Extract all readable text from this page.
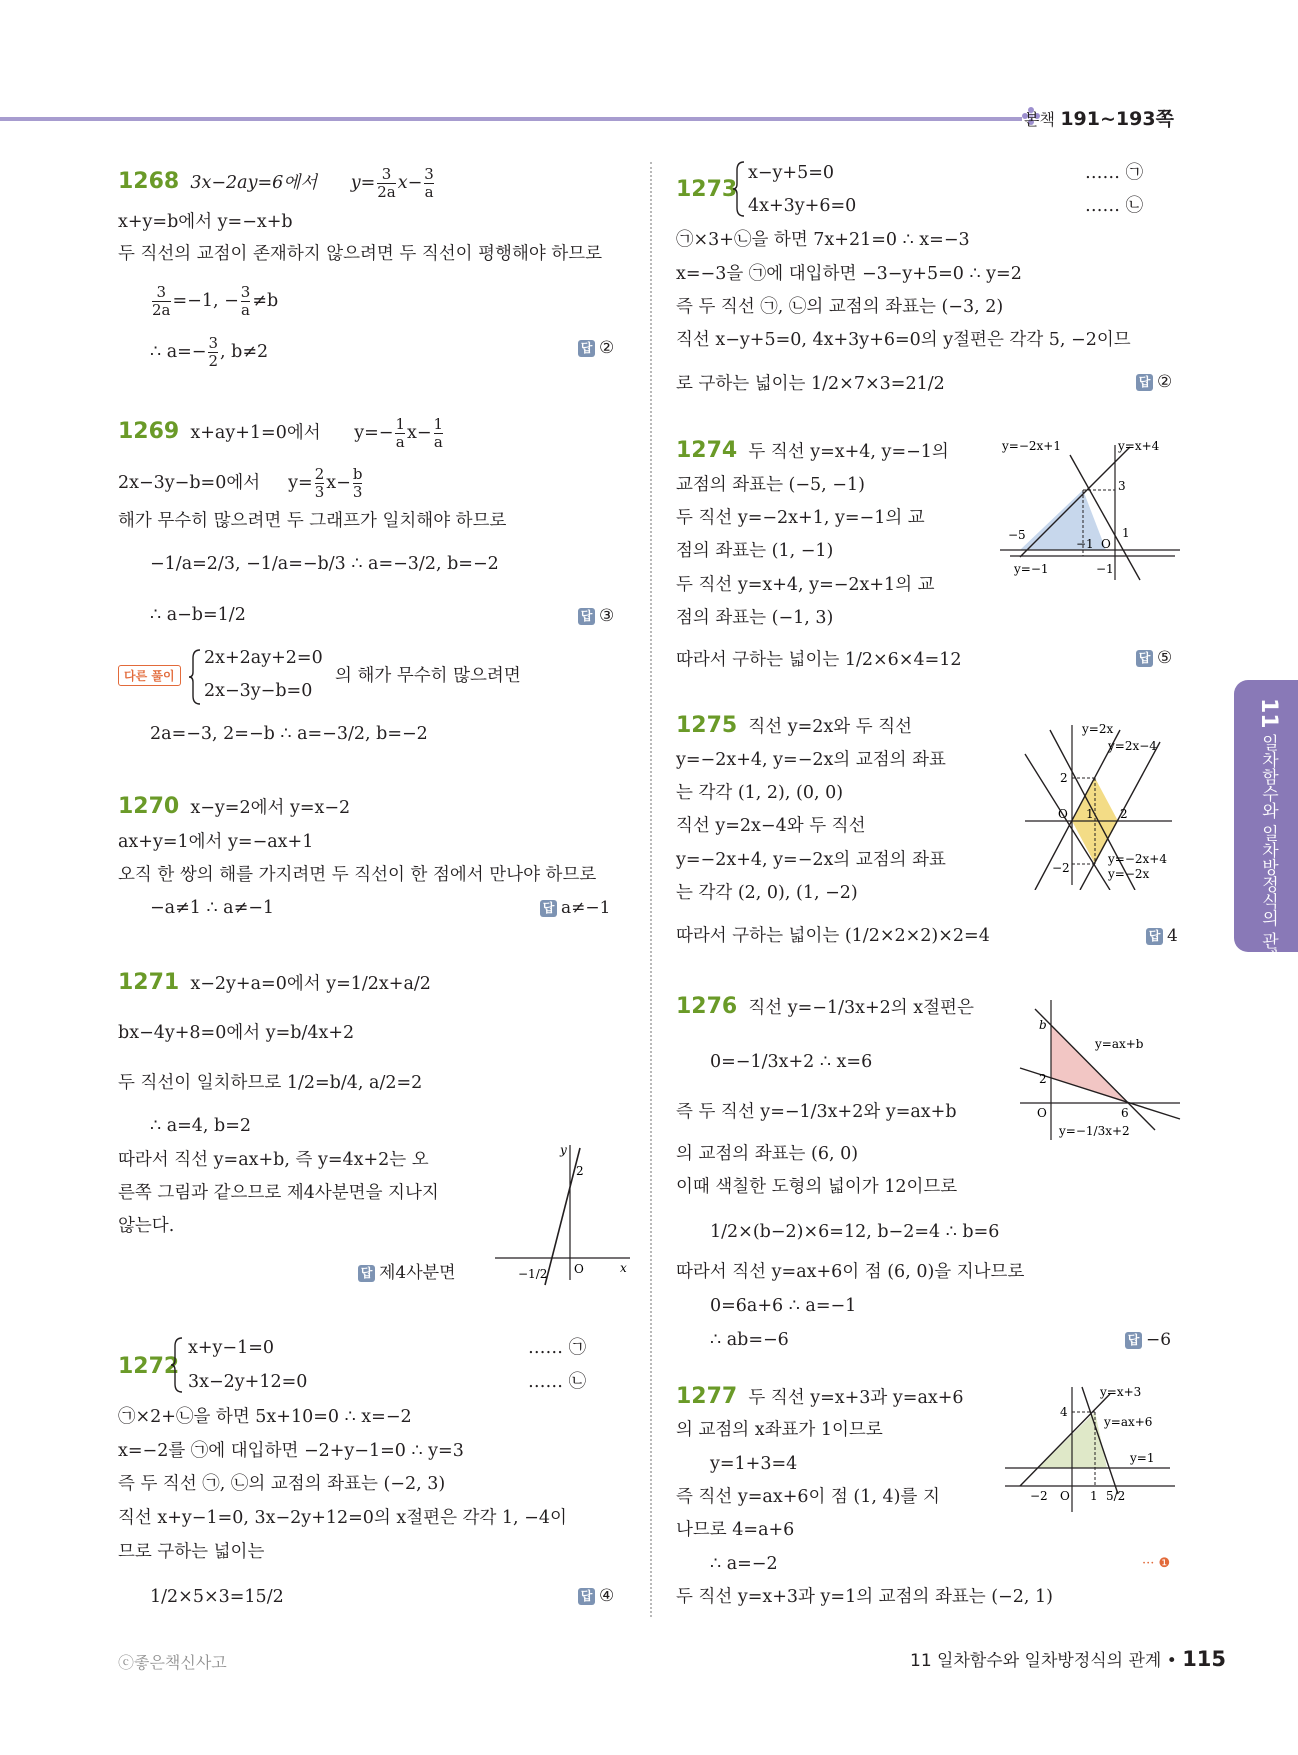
본책 191~193쪽
1268 3x−2ay=6에서 $y= \frac{3}{2a} x- \frac{3}{a}$
x+y=b에서 y=−x+b
두 직선의 교점이 존재하지 않으려면 두 직선이 평행해야 하므로
$\frac{3}{2a} =-1$, − $\frac{3}{a} \ne b$
∴ $a=- \frac{3}{2}$ , b≠2	답 ②
1269 x+ay+1=0에서 $y=- \frac{1}{a} x- \frac{1}{a}$
2x−3y−b=0에서 $y= \frac{2}{3} x- \frac{b}{3}$
해가 무수히 많으려면 두 그래프가 일치해야 하므로
−1/a=2/3, −1/a=−b/3 ∴ a=−3/2, b=−2
∴ a−b=1/2	답 ③
다른 풀이
2x+2ay+2=0
2x−3y−b=0
의 해가 무수히 많으려면
2a=−3, 2=−b ∴ a=−3/2, b=−2
1270 x−y=2에서 y=x−2
ax+y=1에서 y=−ax+1
오직 한 쌍의 해를 가지려면 두 직선이 한 점에서 만나야 하므로
−a≠1 ∴ a≠−1	답 a≠−1
1271 x−2y+a=0에서 y=1/2x+a/2
bx−4y+8=0에서 y=b/4x+2
두 직선이 일치하므로 1/2=b/4, a/2=2
∴ a=4, b=2
따라서 직선 y=ax+b, 즉 y=4x+2는 오
른쪽 그림과 같으므로 제4사분면을 지나지
않는다.
답 제4사분면
2
−1/2 O	x
y
1272
x+y−1=0
3x−2y+12=0
…… ㉠
…… ㉡
㉠×2+㉡을 하면 5x+10=0 ∴ x=−2
x=−2를 ㉠에 대입하면 −2+y−1=0 ∴ y=3
즉 두 직선 ㉠, ㉡의 교점의 좌표는 (−2, 3)
직선 x+y−1=0, 3x−2y+12=0의 x절편은 각각 1, −4이
므로 구하는 넓이는
1/2×5×3=15/2	답 ④
1273
x−y+5=0
4x+3y+6=0
…… ㉠
…… ㉡
㉠×3+㉡을 하면 7x+21=0 ∴ x=−3
x=−3을 ㉠에 대입하면 −3−y+5=0 ∴ y=2
즉 두 직선 ㉠, ㉡의 교점의 좌표는 (−3, 2)
직선 x−y+5=0, 4x+3y+6=0의 y절편은 각각 5, −2이므
로 구하는 넓이는 1/2×7×3=21/2	답 ②
1274 두 직선 y=x+4, y=−1의
교점의 좌표는 (−5, −1)
두 직선 y=−2x+1, y=−1의 교
점의 좌표는 (1, −1)
두 직선 y=x+4, y=−2x+1의 교
점의 좌표는 (−1, 3)
따라서 구하는 넓이는 1/2×6×4=12	답 ⑤
y=−2x+1	y=x+4
y=−1
3
−5	1
−1
−1
O
1275 직선 y=2x와 두 직선
y=−2x+4, y=−2x의 교점의 좌표
는 각각 (1, 2), (0, 0)
직선 y=2x−4와 두 직선
y=−2x+4, y=−2x의 교점의 좌표
는 각각 (2, 0), (1, −2)
따라서 구하는 넓이는 (1/2×2×2)×2=4	답 4
y=2x
y=2x−4
y=−2x+4
y=−2x
2
1 2
−2
O
1276 직선 y=−1/3x+2의 x절편은
0=−1/3x+2 ∴ x=6
즉 두 직선 y=−1/3x+2와 y=ax+b
의 교점의 좌표는 (6, 0)
이때 색칠한 도형의 넓이가 12이므로
1/2×(b−2)×6=12, b−2=4 ∴ b=6
따라서 직선 y=ax+6이 점 (6, 0)을 지나므로
0=6a+6 ∴ a=−1
∴ ab=−6	답 −6
y=ax+b
y=−1/3x+2
b
2
6
O
1277 두 직선 y=x+3과 y=ax+6
의 교점의 x좌표가 1이므로
y=1+3=4
즉 직선 y=ax+6이 점 (1, 4)를 지
나므로 4=a+6
∴ a=−2	··· ❶
두 직선 y=x+3과 y=1의 교점의 좌표는 (−2, 1)
y=x+3
y=ax+6
y=1
4
−2	1 5/2
O
11 일차함수와 일차방정식의 관계
ⓒ좋은책신사고	11 일차함수와 일차방정식의 관계 • 115
